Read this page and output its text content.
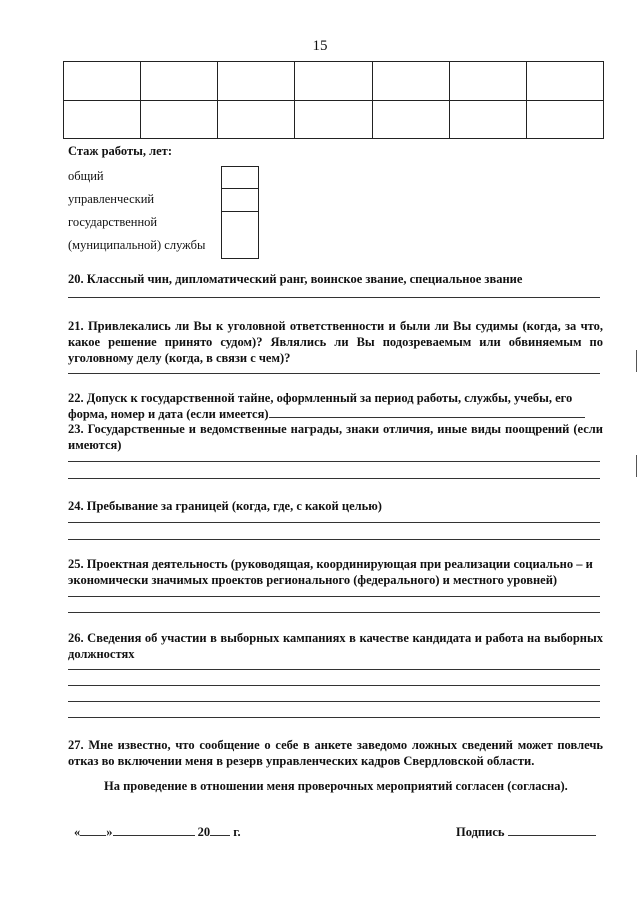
15

Стаж работы, лет:
общий
управленческий
государственной
(муниципальной) службы
20. Классный чин, дипломатический ранг, воинское звание, специальное звание
21. Привлекались ли Вы к уголовной ответственности и были ли Вы судимы (когда, за что, какое решение принято судом)? Являлись ли Вы подозреваемым или обвиняемым по уголовному делу (когда, в связи с чем)?
22. Допуск к государственной тайне, оформленный за период работы, службы, учебы, его
форма, номер и дата (если имеется)
23. Государственные и ведомственные награды, знаки отличия, иные виды поощрений (если имеются)
24. Пребывание за границей (когда, где, с какой целью)
25. Проектная деятельность (руководящая, координирующая при реализации социально – и экономически значимых проектов регионального (федерального) и местного уровней)
26. Сведения об участии в выборных кампаниях в качестве кандидата и работа на выборных должностях
27. Мне известно, что сообщение о себе в анкете заведомо ложных сведений может повлечь отказ во включении меня в резерв управленческих кадров Свердловской области.
На проведение в отношении меня проверочных мероприятий согласен (согласна).
« »	20 г.	Подпись
